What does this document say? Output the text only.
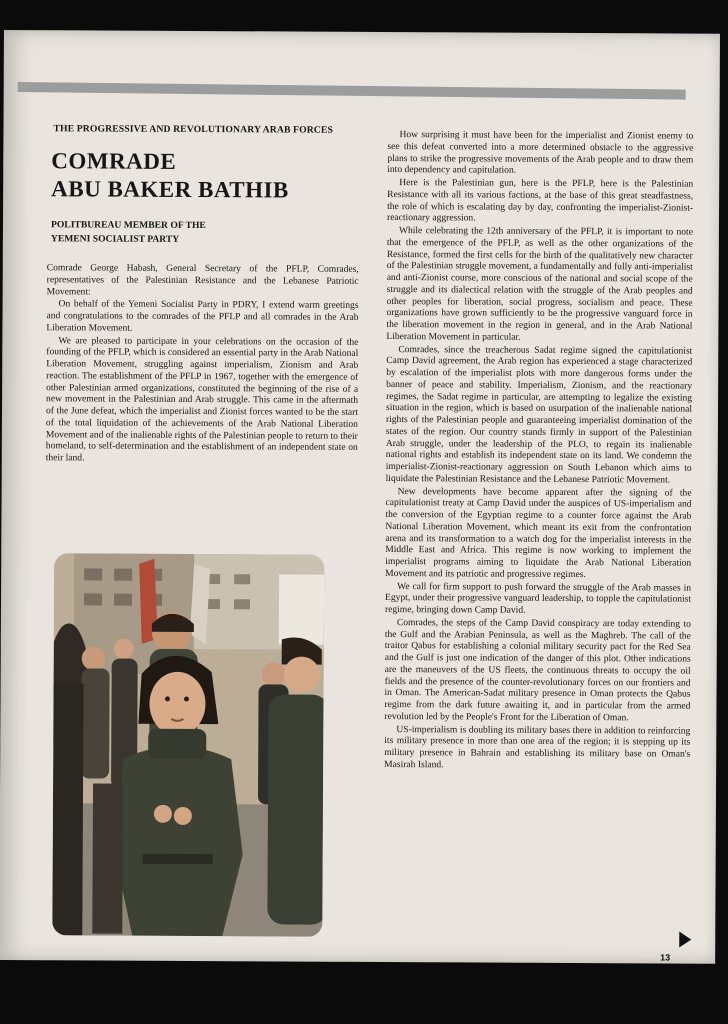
THE PROGRESSIVE AND REVOLUTIONARY ARAB FORCES
COMRADE
ABU BAKER BATHIB
POLITBUREAU MEMBER OF THE
YEMENI SOCIALIST PARTY

Comrade George Habash, General Secretary of the PFLP, Comrades, representatives of the Palestinian Resistance and the Lebanese Patriotic Movement:

On behalf of the Yemeni Socialist Party in PDRY, I extend warm greetings and congratulations to the comrades of the PFLP and all comrades in the Arab Liberation Movement.

We are pleased to participate in your celebrations on the occasion of the founding of the PFLP, which is considered an essential party in the Arab National Liberation Movement, struggling against imperialism, Zionism and Arab reaction. The establishment of the PFLP in 1967, together with the emergence of other Palestinian armed organizations, constituted the beginning of the rise of a new movement in the Palestinian and Arab struggle. This came in the aftermath of the June defeat, which the imperialist and Zionist forces wanted to be the start of the total liquidation of the achievements of the Arab National Liberation Movement and of the inalienable rights of the Palestinian people to return to their homeland, to self-determination and the establishment of an independent state on their land.

How surprising it must have been for the imperialist and Zionist enemy to see this defeat converted into a more determined obstacle to the aggressive plans to strike the progressive movements of the Arab people and to draw them into dependency and capitulation.

Here is the Palestinian gun, here is the PFLP, here is the Palestinian Resistance with all its various factions, at the base of this great steadfastness, the role of which is escalating day by day, confronting the imperialist-Zionist-reactionary aggression.

While celebrating the 12th anniversary of the PFLP, it is important to note that the emergence of the PFLP, as well as the other organizations of the Resistance, formed the first cells for the birth of the qualitatively new character of the Palestinian struggle movement, a fundamentally and fully anti-imperialist and anti-Zionist course, more conscious of the national and social scope of the struggle and its dialectical relation with the struggle of the Arab peoples and other peoples for liberation, social progress, socialism and peace. These organizations have grown sufficiently to be the progressive vanguard force in the liberation movement in the region in general, and in the Arab National Liberation Movement in particular.

Comrades, since the treacherous Sadat regime signed the capitulationist Camp David agreement, the Arab region has experienced a stage characterized by escalation of the imperialist plots with more dangerous forms under the banner of peace and stability. Imperialism, Zionism, and the reactionary regimes, the Sadat regime in particular, are attempting to legalize the existing situation in the region, which is based on usurpation of the inalienable national rights of the Palestinian people and guaranteeing imperialist domination of the states of the region. Our country stands firmly in support of the Palestinian Arab struggle, under the leadership of the PLO, to regain its inalienable national rights and establish its independent state on its land. We condemn the imperialist-Zionist-reactionary aggression on South Lebanon which aims to liquidate the Palestinian Resistance and the Lebanese Patriotic Movement.

New developments have become apparent after the signing of the capitulationist treaty at Camp David under the auspices of US-imperialism and the conversion of the Egyptian regime to a counter force against the Arab National Liberation Movement, which meant its exit from the confrontation arena and its transformation to a watch dog for the imperialist interests in the Middle East and Africa. This regime is now working to implement the imperialist programs aiming to liquidate the Arab National Liberation Movement and its patriotic and progressive regimes.

We call for firm support to push forward the struggle of the Arab masses in Egypt, under their progressive vanguard leadership, to topple the capitulationist regime, bringing down Camp David.

Comrades, the steps of the Camp David conspiracy are today extending to the Gulf and the Arabian Peninsula, as well as the Maghreb. The call of the traitor Qabus for establishing a colonial military security pact for the Red Sea and the Gulf is just one indication of the danger of this plot. Other indications are the maneuvers of the US fleets, the continuous threats to occupy the oil fields and the presence of the counter-revolutionary forces on our frontiers and in Oman. The American-Sadat military presence in Oman protects the Qabus regime from the dark future awaiting it, and in particular from the armed revolution led by the People's Front for the Liberation of Oman.

US-imperialism is doubling its military bases there in addition to reinforcing its military presence in more than one area of the region; it is stepping up its military presence in Bahrain and establishing its military base on Oman's Masirah Island.

13
